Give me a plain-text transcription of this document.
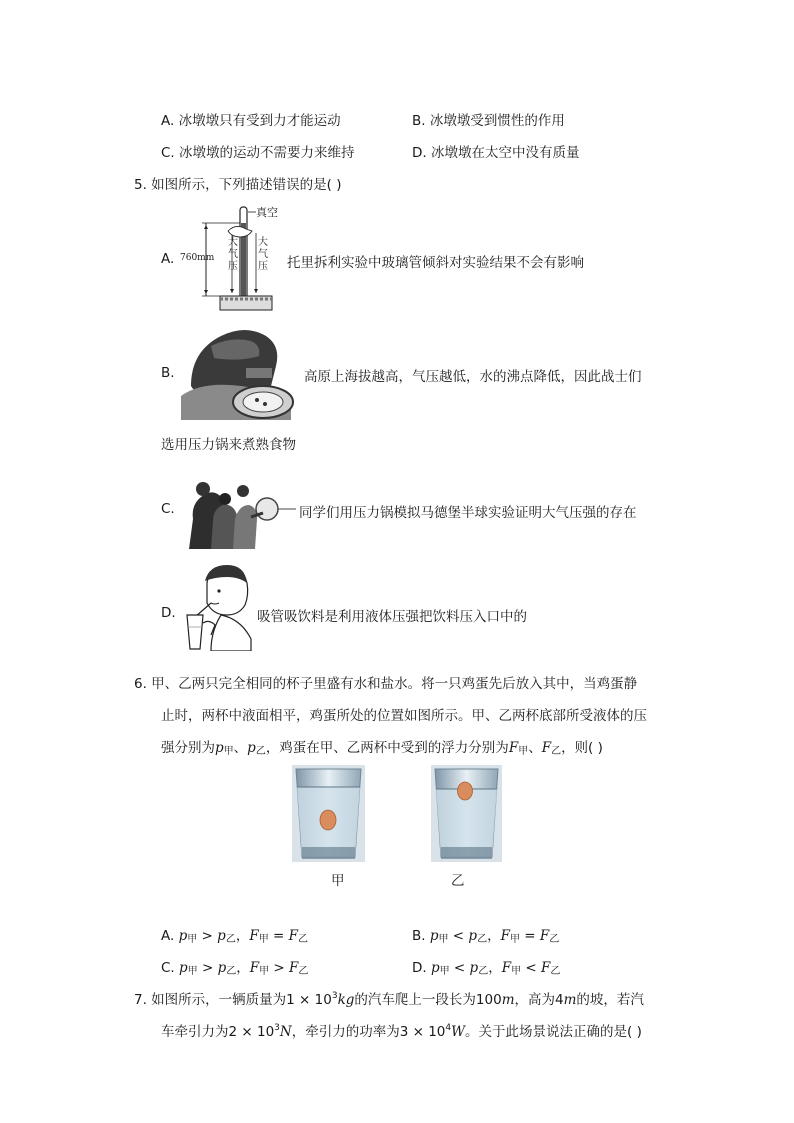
A. 冰墩墩只有受到力才能运动	B. 冰墩墩受到惯性的作用
C. 冰墩墩的运动不需要力来维持	D. 冰墩墩在太空中没有质量
5. 如图所示，下列描述错误的是( )
A.
真空
760mm
大
气
压
大
气
压 托里拆利实验中玻璃管倾斜对实验结果不会有影响
B.	高原上海拔越高，气压越低，水的沸点降低，因此战士们
选用压力锅来煮熟食物
C.	同学们用压力锅模拟马德堡半球实验证明大气压强的存在
D.	吸管吸饮料是利用液体压强把饮料压入口中的
6. 甲、乙两只完全相同的杯子里盛有水和盐水。将一只鸡蛋先后放入其中，当鸡蛋静
止时，两杯中液面相平，鸡蛋所处的位置如图所示。甲、乙两杯底部所受液体的压
强分别为p甲、p乙，鸡蛋在甲、乙两杯中受到的浮力分别为F甲、F乙，则( )
甲	乙
A. p甲 > p乙，F甲 = F乙	B. p甲 < p乙，F甲 = F乙
C. p甲 > p乙，F甲 > F乙	D. p甲 < p乙，F甲 < F乙
7. 如图所示，一辆质量为$1 \times 10^3kg$的汽车爬上一段长为100m，高为4m的坡，若汽
车牵引力为$2 \times 10^3N$，牵引力的功率为$3 \times 10^4W$。关于此场景说法正确的是( )
